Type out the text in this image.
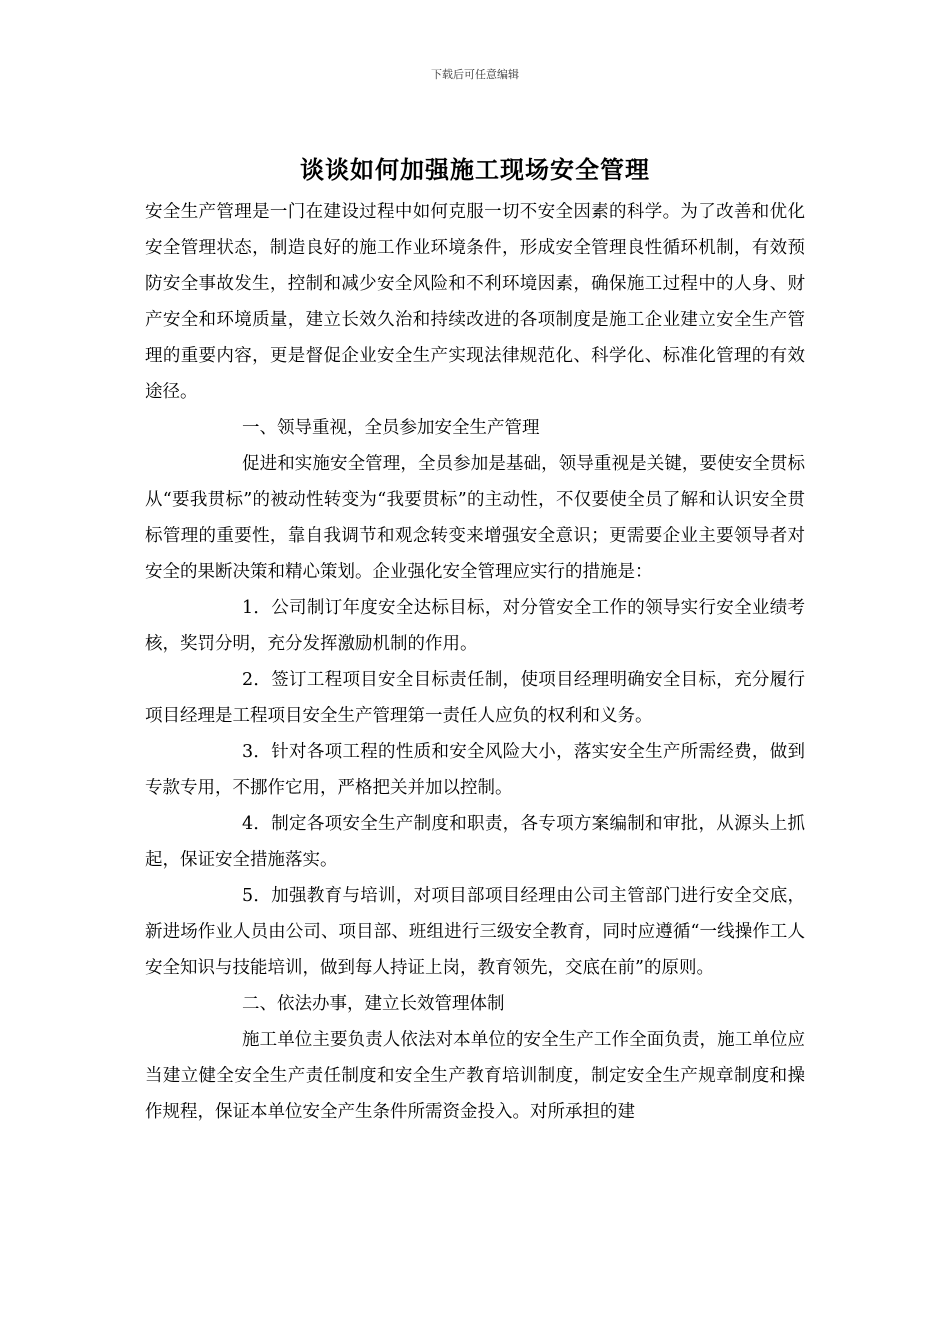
下载后可任意编辑
谈谈如何加强施工现场安全管理

安全生产管理是一门在建设过程中如何克服一切不安全因素的科学。为了改善和优化安全管理状态，制造良好的施工作业环境条件，形成安全管理良性循环机制，有效预防安全事故发生，控制和减少安全风险和不利环境因素，确保施工过程中的人身、财产安全和环境质量，建立长效久治和持续改进的各项制度是施工企业建立安全生产管理的重要内容，更是督促企业安全生产实现法律规范化、科学化、标准化管理的有效途径。

一、领导重视，全员参加安全生产管理

促进和实施安全管理，全员参加是基础，领导重视是关键，要使安全贯标从“要我贯标”的被动性转变为“我要贯标”的主动性，不仅要使全员了解和认识安全贯标管理的重要性，靠自我调节和观念转变来增强安全意识；更需要企业主要领导者对安全的果断决策和精心策划。企业强化安全管理应实行的措施是：

1．公司制订年度安全达标目标，对分管安全工作的领导实行安全业绩考核，奖罚分明，充分发挥激励机制的作用。

2．签订工程项目安全目标责任制，使项目经理明确安全目标，充分履行项目经理是工程项目安全生产管理第一责任人应负的权利和义务。

3．针对各项工程的性质和安全风险大小，落实安全生产所需经费，做到专款专用，不挪作它用，严格把关并加以控制。

4．制定各项安全生产制度和职责，各专项方案编制和审批，从源头上抓起，保证安全措施落实。

5．加强教育与培训，对项目部项目经理由公司主管部门进行安全交底，新进场作业人员由公司、项目部、班组进行三级安全教育，同时应遵循“一线操作工人安全知识与技能培训，做到每人持证上岗，教育领先，交底在前”的原则。

二、依法办事，建立长效管理体制

施工单位主要负责人依法对本单位的安全生产工作全面负责，施工单位应当建立健全安全生产责任制度和安全生产教育培训制度，制定安全生产规章制度和操作规程，保证本单位安全产生条件所需资金投入。对所承担的建
